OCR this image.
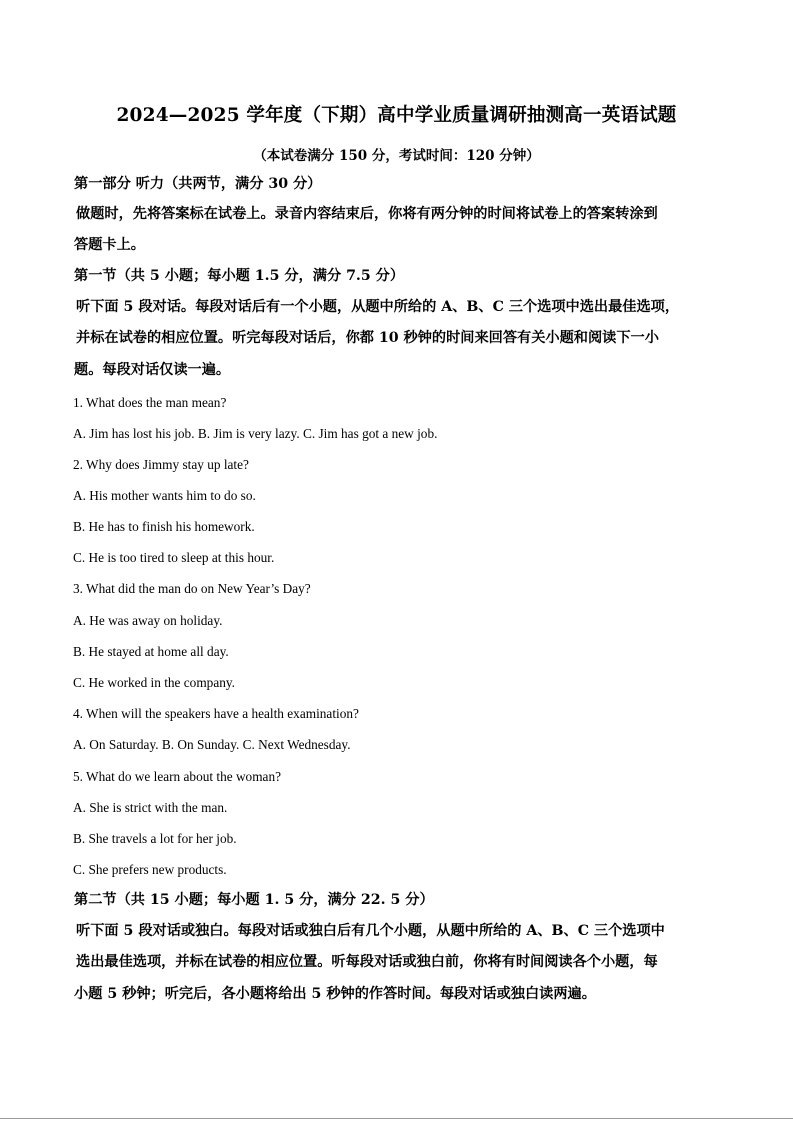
2024—2025 学年度（下期）高中学业质量调研抽测高一英语试题
（本试卷满分 150 分，考试时间：120 分钟）
第一部分 听力（共两节，满分 30 分）
做题时，先将答案标在试卷上。录音内容结束后，你将有两分钟的时间将试卷上的答案转涂到
答题卡上。
第一节（共 5 小题；每小题 1.5 分，满分 7.5 分）
听下面 5 段对话。每段对话后有一个小题，从题中所给的 A、B、C 三个选项中选出最佳选项，
并标在试卷的相应位置。听完每段对话后，你都 10 秒钟的时间来回答有关小题和阅读下一小
题。每段对话仅读一遍。
1. What does the man mean?
A. Jim has lost his job. B. Jim is very lazy. C. Jim has got a new job.
2. Why does Jimmy stay up late?
A. His mother wants him to do so.
B. He has to finish his homework.
C. He is too tired to sleep at this hour.
3. What did the man do on New Year’s Day?
A. He was away on holiday.
B. He stayed at home all day.
C. He worked in the company.
4. When will the speakers have a health examination?
A. On Saturday. B. On Sunday. C. Next Wednesday.
5. What do we learn about the woman?
A. She is strict with the man.
B. She travels a lot for her job.
C. She prefers new products.
第二节（共 15 小题；每小题 1. 5 分，满分 22. 5 分）
听下面 5 段对话或独白。每段对话或独白后有几个小题，从题中所给的 A、B、C 三个选项中
选出最佳选项，并标在试卷的相应位置。听每段对话或独白前，你将有时间阅读各个小题，每
小题 5 秒钟；听完后，各小题将给出 5 秒钟的作答时间。每段对话或独白读两遍。
